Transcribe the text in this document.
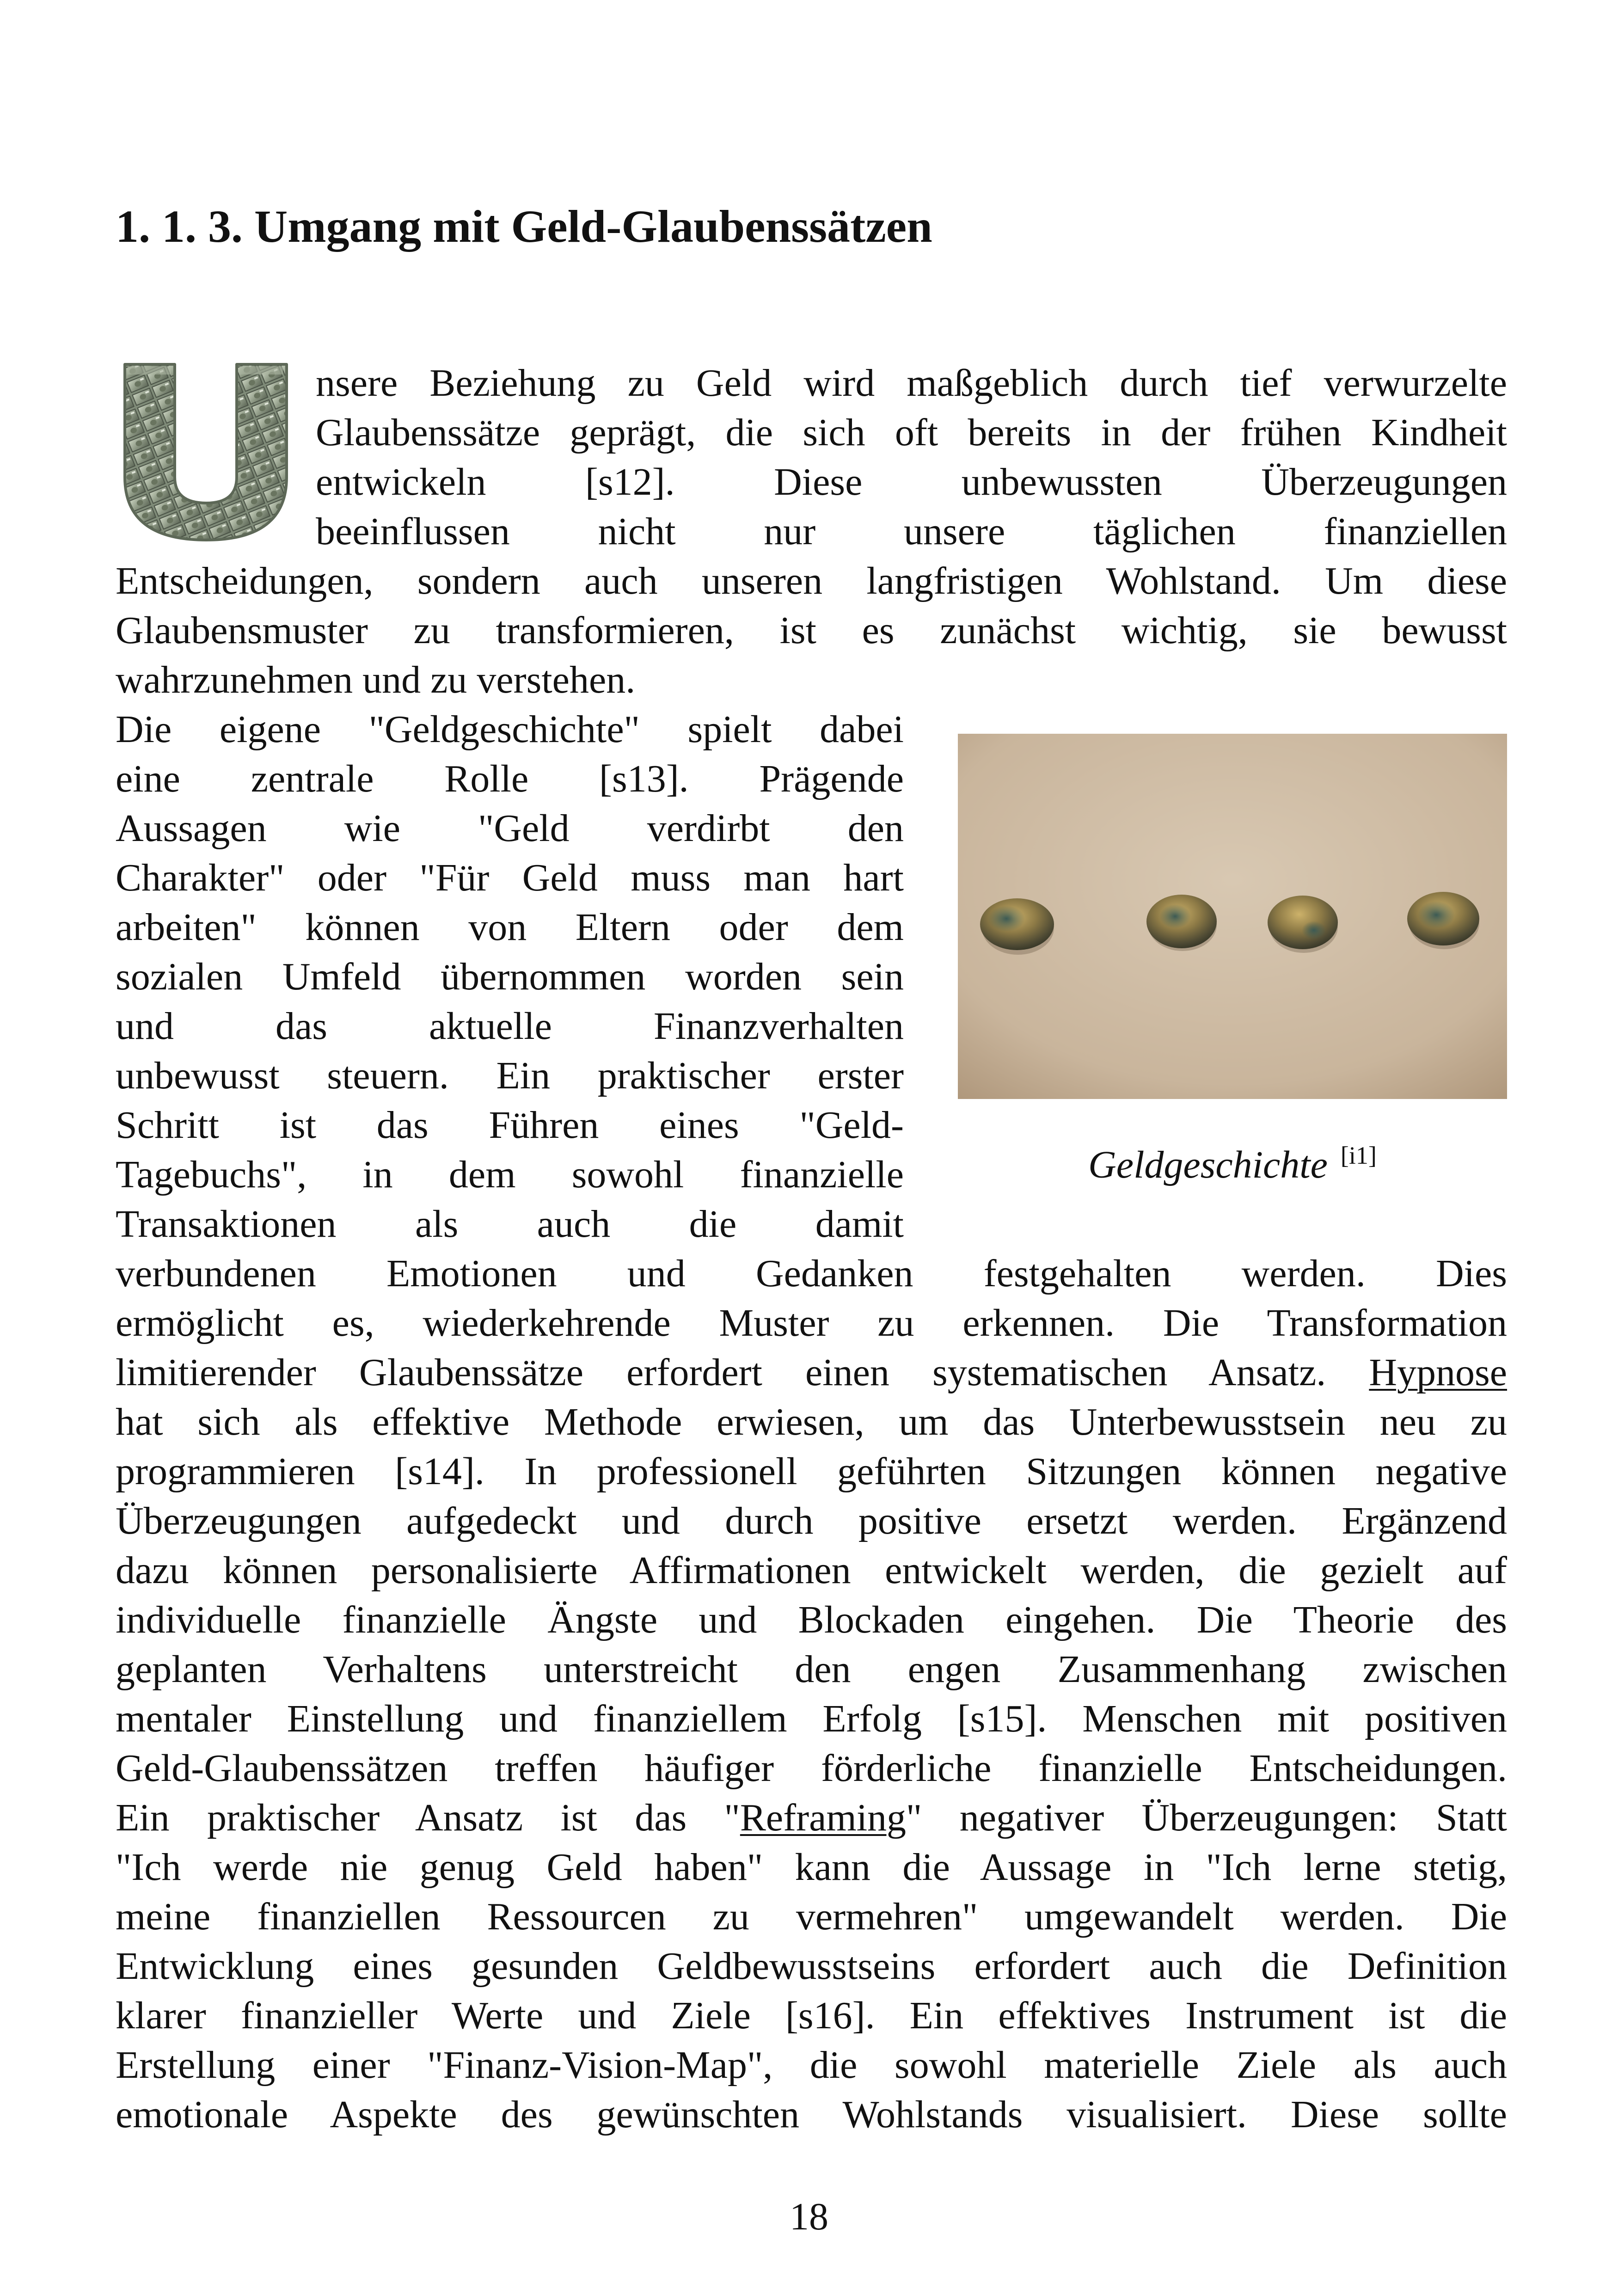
1. 1. 3. Umgang mit Geld-Glaubenssätzen
Geldgeschichte [i1]
nsere Beziehung zu Geld wird maßgeblich durch tief verwurzelte
Glaubenssätze geprägt, die sich oft bereits in der frühen Kindheit
entwickeln [s12]. Diese unbewussten Überzeugungen
beeinflussen nicht nur unsere täglichen finanziellen
Entscheidungen, sondern auch unseren langfristigen Wohlstand. Um diese
Glaubensmuster zu transformieren, ist es zunächst wichtig, sie bewusst
wahrzunehmen und zu verstehen.
Die eigene "Geldgeschichte" spielt dabei
eine zentrale Rolle [s13]. Prägende
Aussagen wie "Geld verdirbt den
Charakter" oder "Für Geld muss man hart
arbeiten" können von Eltern oder dem
sozialen Umfeld übernommen worden sein
und das aktuelle Finanzverhalten
unbewusst steuern. Ein praktischer erster
Schritt ist das Führen eines "Geld-
Tagebuchs", in dem sowohl finanzielle
Transaktionen als auch die damit
verbundenen Emotionen und Gedanken festgehalten werden. Dies
ermöglicht es, wiederkehrende Muster zu erkennen. Die Transformation
limitierender Glaubenssätze erfordert einen systematischen Ansatz. Hypnose
hat sich als effektive Methode erwiesen, um das Unterbewusstsein neu zu
programmieren [s14]. In professionell geführten Sitzungen können negative
Überzeugungen aufgedeckt und durch positive ersetzt werden. Ergänzend
dazu können personalisierte Affirmationen entwickelt werden, die gezielt auf
individuelle finanzielle Ängste und Blockaden eingehen. Die Theorie des
geplanten Verhaltens unterstreicht den engen Zusammenhang zwischen
mentaler Einstellung und finanziellem Erfolg [s15]. Menschen mit positiven
Geld-Glaubenssätzen treffen häufiger förderliche finanzielle Entscheidungen.
Ein praktischer Ansatz ist das "Reframing" negativer Überzeugungen: Statt
"Ich werde nie genug Geld haben" kann die Aussage in "Ich lerne stetig,
meine finanziellen Ressourcen zu vermehren" umgewandelt werden. Die
Entwicklung eines gesunden Geldbewusstseins erfordert auch die Definition
klarer finanzieller Werte und Ziele [s16]. Ein effektives Instrument ist die
Erstellung einer "Finanz-Vision-Map", die sowohl materielle Ziele als auch
emotionale Aspekte des gewünschten Wohlstands visualisiert. Diese sollte
18
